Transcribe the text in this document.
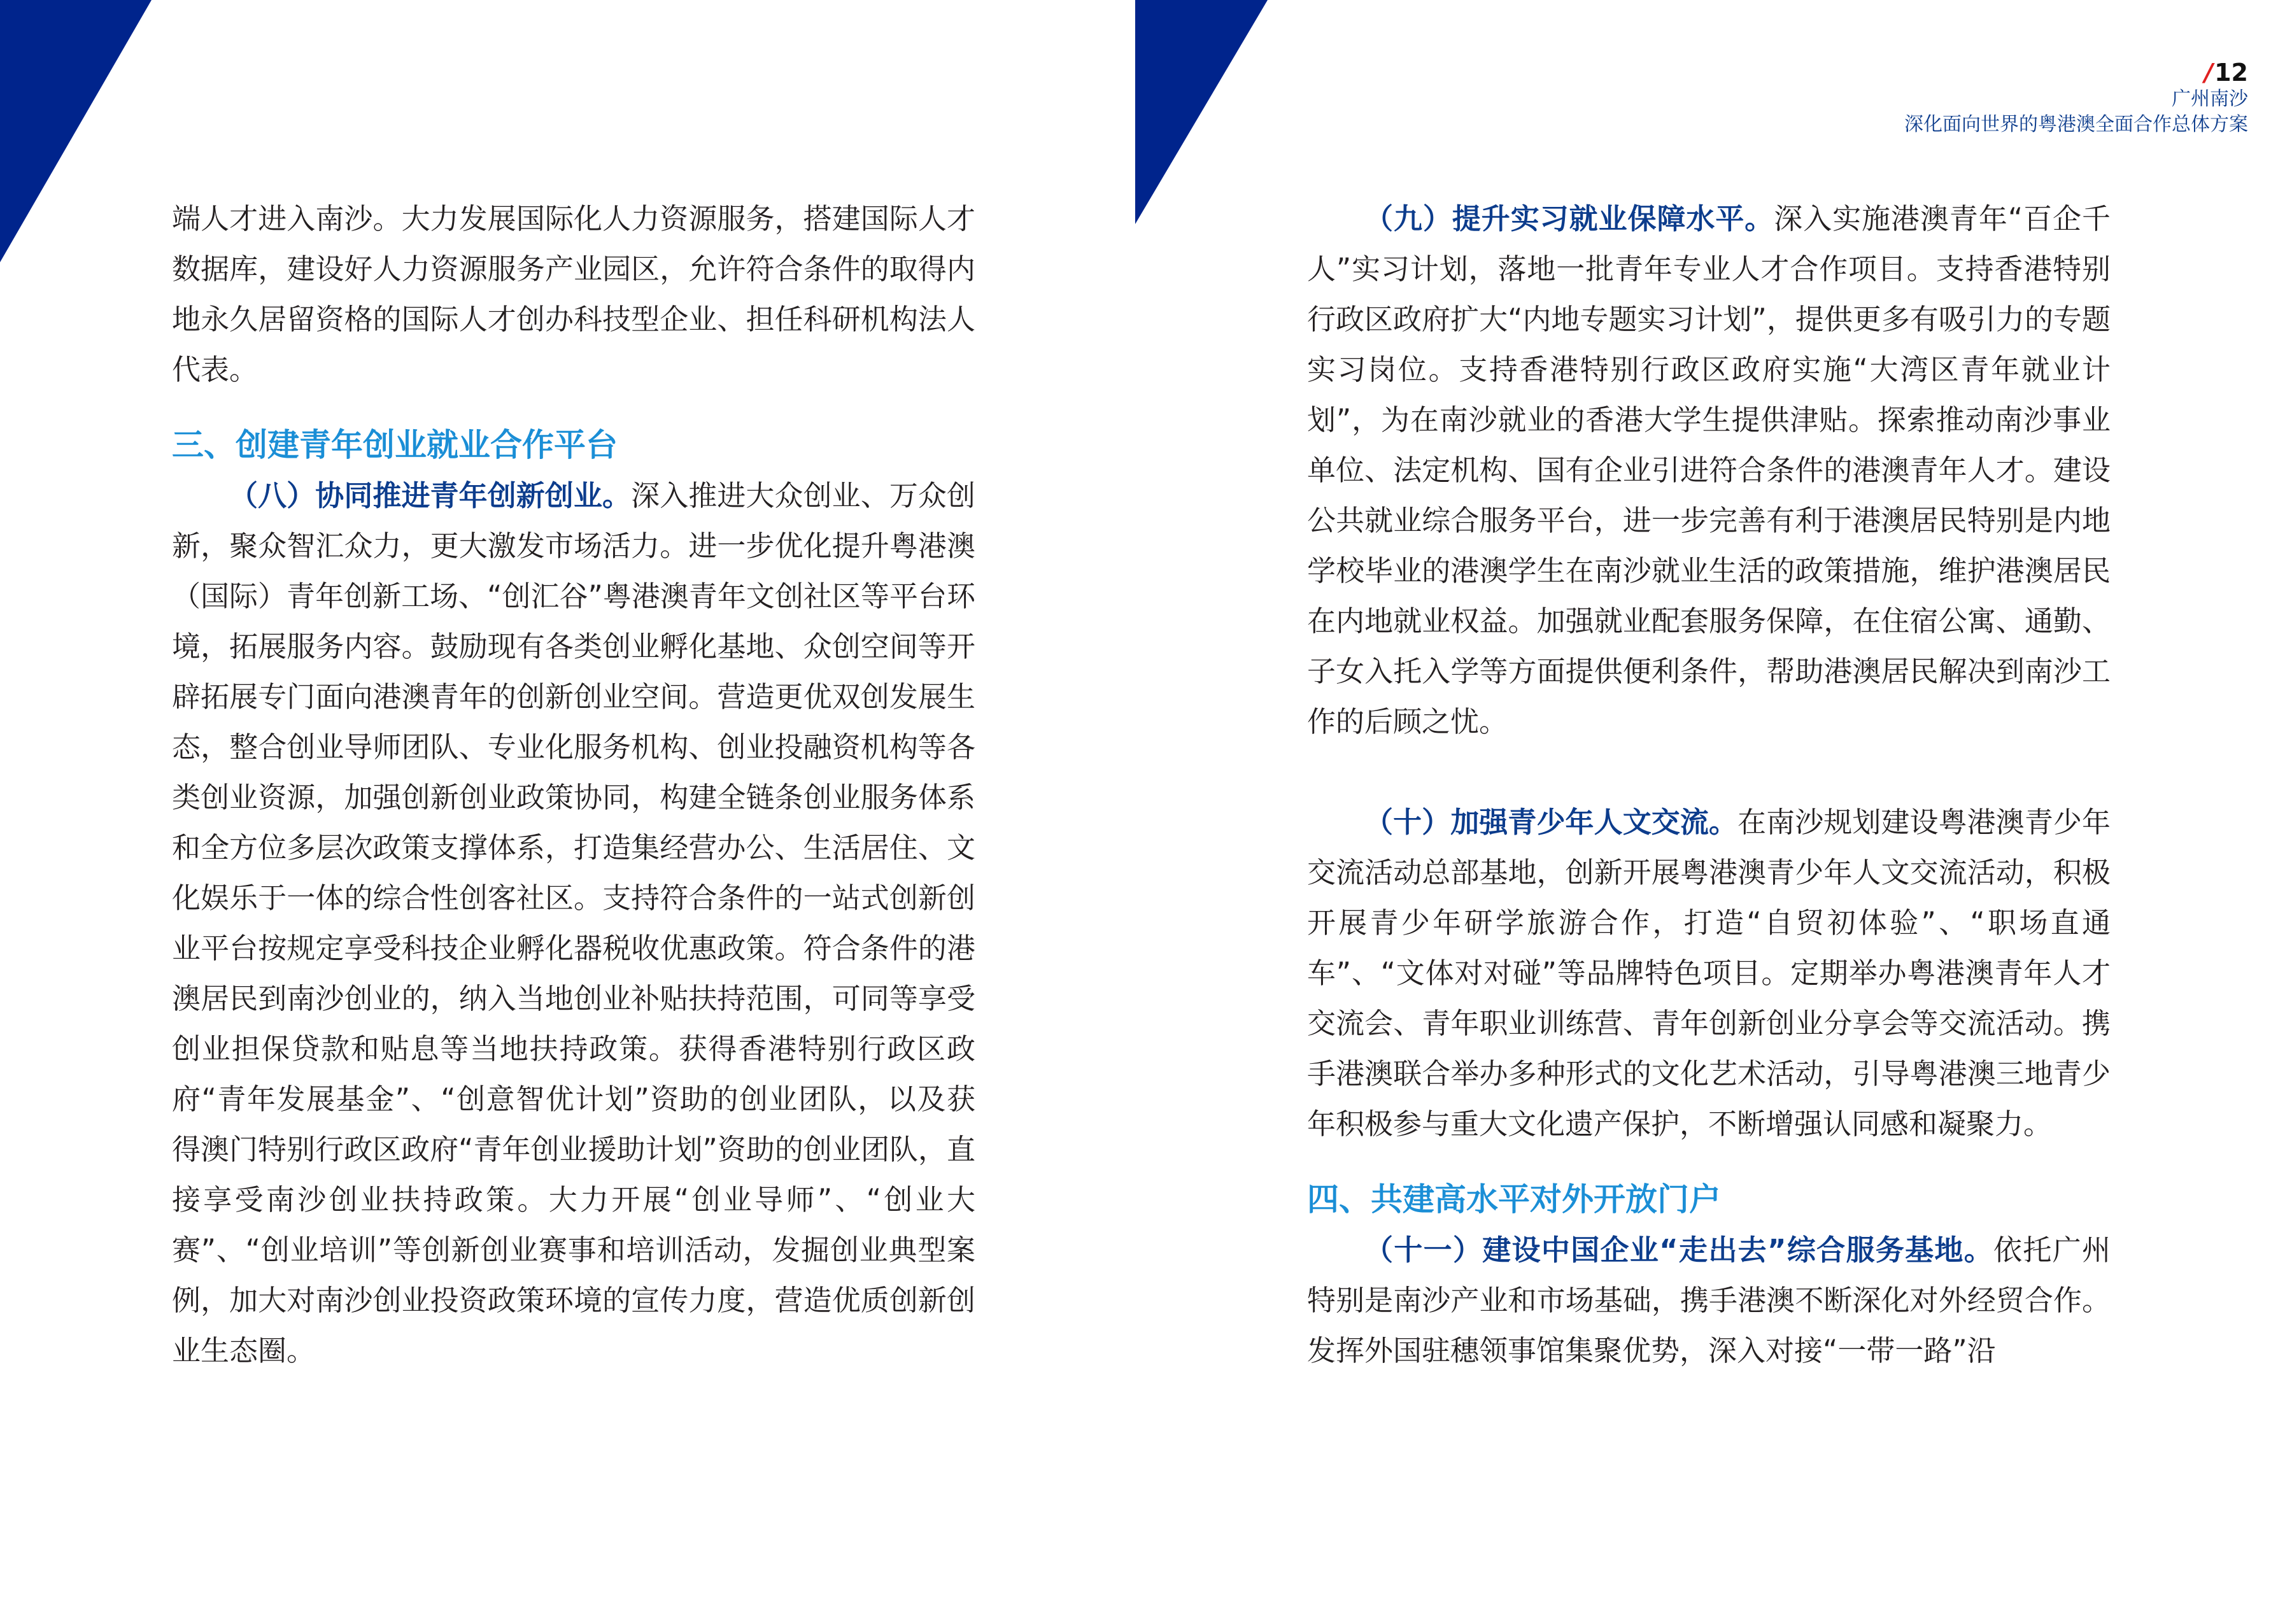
端人才进入南沙。大力发展国际化人力资源服务，搭建国际人才数据库，建设好人力资源服务产业园区，允许符合条件的取得内地永久居留资格的国际人才创办科技型企业、担任科研机构法人代表。

三、创建青年创业就业合作平台

（八）协同推进青年创新创业。深入推进大众创业、万众创新，聚众智汇众力，更大激发市场活力。进一步优化提升粤港澳（国际）青年创新工场、“创汇谷”粤港澳青年文创社区等平台环境，拓展服务内容。鼓励现有各类创业孵化基地、众创空间等开辟拓展专门面向港澳青年的创新创业空间。营造更优双创发展生态，整合创业导师团队、专业化服务机构、创业投融资机构等各类创业资源，加强创新创业政策协同，构建全链条创业服务体系和全方位多层次政策支撑体系，打造集经营办公、生活居住、文化娱乐于一体的综合性创客社区。支持符合条件的一站式创新创业平台按规定享受科技企业孵化器税收优惠政策。符合条件的港澳居民到南沙创业的，纳入当地创业补贴扶持范围，可同等享受创业担保贷款和贴息等当地扶持政策。获得香港特别行政区政府“青年发展基金”、“创意智优计划”资助的创业团队，以及获得澳门特别行政区政府“青年创业援助计划”资助的创业团队，直接享受南沙创业扶持政策。大力开展“创业导师”、“创业大赛”、“创业培训”等创新创业赛事和培训活动，发掘创业典型案例，加大对南沙创业投资政策环境的宣传力度，营造优质创新创业生态圈。

/12
广州南沙
深化面向世界的粤港澳全面合作总体方案

（九）提升实习就业保障水平。深入实施港澳青年“百企千人”实习计划，落地一批青年专业人才合作项目。支持香港特别行政区政府扩大“内地专题实习计划”，提供更多有吸引力的专题实习岗位。支持香港特别行政区政府实施“大湾区青年就业计划”，为在南沙就业的香港大学生提供津贴。探索推动南沙事业单位、法定机构、国有企业引进符合条件的港澳青年人才。建设公共就业综合服务平台，进一步完善有利于港澳居民特别是内地学校毕业的港澳学生在南沙就业生活的政策措施，维护港澳居民在内地就业权益。加强就业配套服务保障，在住宿公寓、通勤、子女入托入学等方面提供便利条件，帮助港澳居民解决到南沙工作的后顾之忧。

（十）加强青少年人文交流。在南沙规划建设粤港澳青少年交流活动总部基地，创新开展粤港澳青少年人文交流活动，积极开展青少年研学旅游合作，打造“自贸初体验”、“职场直通车”、“文体对对碰”等品牌特色项目。定期举办粤港澳青年人才交流会、青年职业训练营、青年创新创业分享会等交流活动。携手港澳联合举办多种形式的文化艺术活动，引导粤港澳三地青少年积极参与重大文化遗产保护，不断增强认同感和凝聚力。

四、共建高水平对外开放门户

（十一）建设中国企业“走出去”综合服务基地。依托广州特别是南沙产业和市场基础，携手港澳不断深化对外经贸合作。发挥外国驻穗领事馆集聚优势，深入对接“一带一路”沿
